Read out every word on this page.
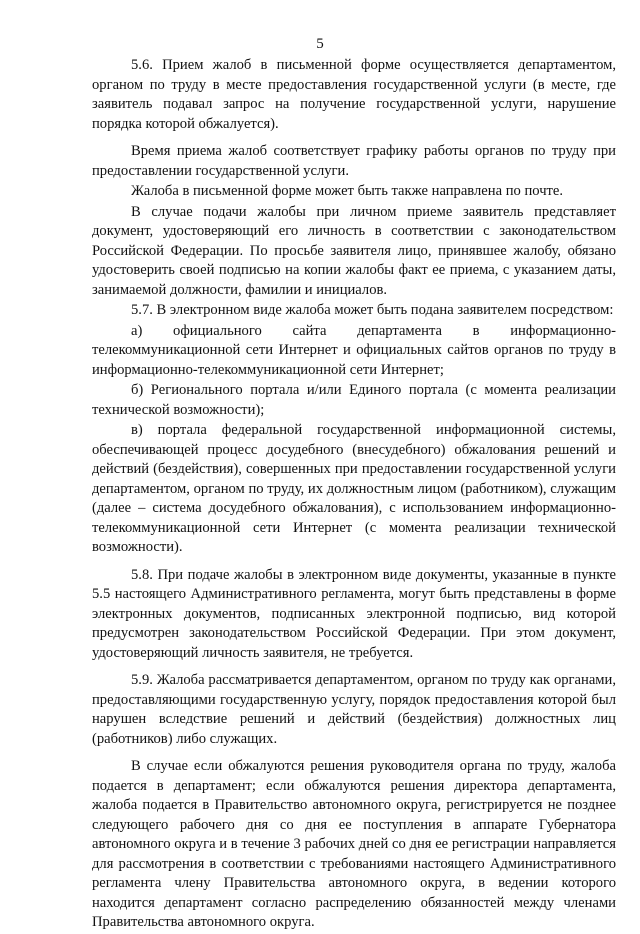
5

5.6. Прием жалоб в письменной форме осуществляется департаментом, органом по труду в месте предоставления государственной услуги (в месте, где заявитель подавал запрос на получение государственной услуги, нарушение порядка которой обжалуется).

Время приема жалоб соответствует графику работы органов по труду при предоставлении государственной услуги.

Жалоба в письменной форме может быть также направлена по почте.

В случае подачи жалобы при личном приеме заявитель представляет документ, удостоверяющий его личность в соответствии с законодательством Российской Федерации. По просьбе заявителя лицо, принявшее жалобу, обязано удостоверить своей подписью на копии жалобы факт ее приема, с указанием даты, занимаемой должности, фамилии и инициалов.

5.7. В электронном виде жалоба может быть подана заявителем посредством:

а) официального сайта департамента в информационно-телекоммуникационной сети Интернет и официальных сайтов органов по труду в информационно-телекоммуникационной сети Интернет;

б) Регионального портала и/или Единого портала (с момента реализации технической возможности);

в) портала федеральной государственной информационной системы, обеспечивающей процесс досудебного (внесудебного) обжалования решений и действий (бездействия), совершенных при предоставлении государственной услуги департаментом, органом по труду, их должностным лицом (работником), служащим (далее – система досудебного обжалования), с использованием информационно-телекоммуникационной сети Интернет (с момента реализации технической возможности).

5.8. При подаче жалобы в электронном виде документы, указанные в пункте 5.5 настоящего Административного регламента, могут быть представлены в форме электронных документов, подписанных электронной подписью, вид которой предусмотрен законодательством Российской Федерации. При этом документ, удостоверяющий личность заявителя, не требуется.

5.9. Жалоба рассматривается департаментом, органом по труду как органами, предоставляющими государственную услугу, порядок предоставления которой был нарушен вследствие решений и действий (бездействия) должностных лиц (работников) либо служащих.

В случае если обжалуются решения руководителя органа по труду, жалоба подается в департамент; если обжалуются решения директора департамента, жалоба подается в Правительство автономного округа, регистрируется не позднее следующего рабочего дня со дня ее поступления в аппарате Губернатора автономного округа и в течение 3 рабочих дней со дня ее регистрации направляется для рассмотрения в соответствии с требованиями настоящего Административного регламента члену Правительства автономного округа, в ведении которого находится департамент согласно распределению обязанностей между членами Правительства автономного округа.
